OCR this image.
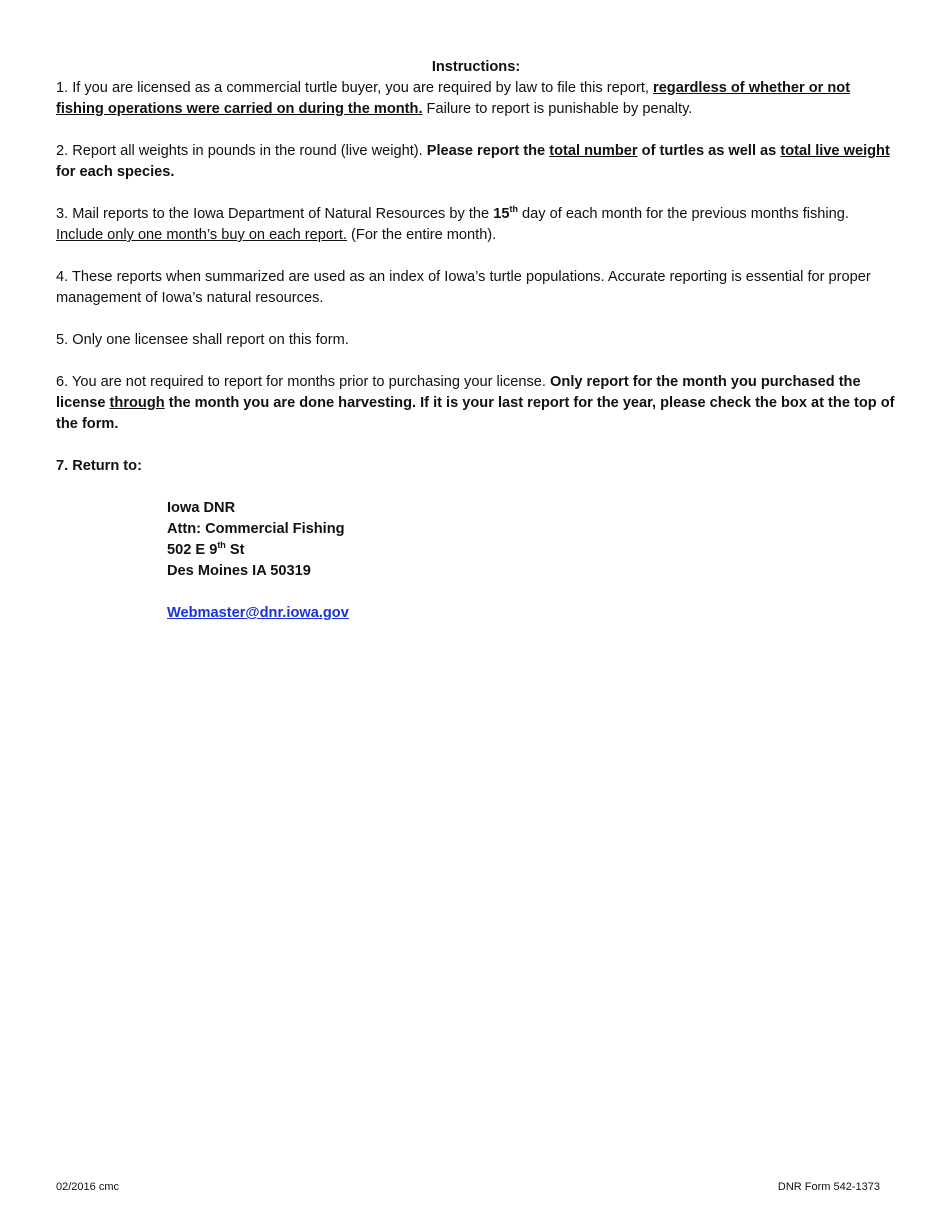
Instructions:

1. If you are licensed as a commercial turtle buyer, you are required by law to file this report, regardless of whether or not fishing operations were carried on during the month. Failure to report is punishable by penalty.

2. Report all weights in pounds in the round (live weight). Please report the total number of turtles as well as total live weight for each species.

3. Mail reports to the Iowa Department of Natural Resources by the 15th day of each month for the previous months fishing. Include only one month’s buy on each report. (For the entire month).

4. These reports when summarized are used as an index of Iowa’s turtle populations. Accurate reporting is essential for proper management of Iowa’s natural resources.

5. Only one licensee shall report on this form.

6. You are not required to report for months prior to purchasing your license. Only report for the month you purchased the license through the month you are done harvesting. If it is your last report for the year, please check the box at the top of the form.

7. Return to:

Iowa DNR
Attn: Commercial Fishing
502 E 9th St
Des Moines IA 50319
Webmaster@dnr.iowa.gov
02/2016 cmc	DNR Form 542-1373
